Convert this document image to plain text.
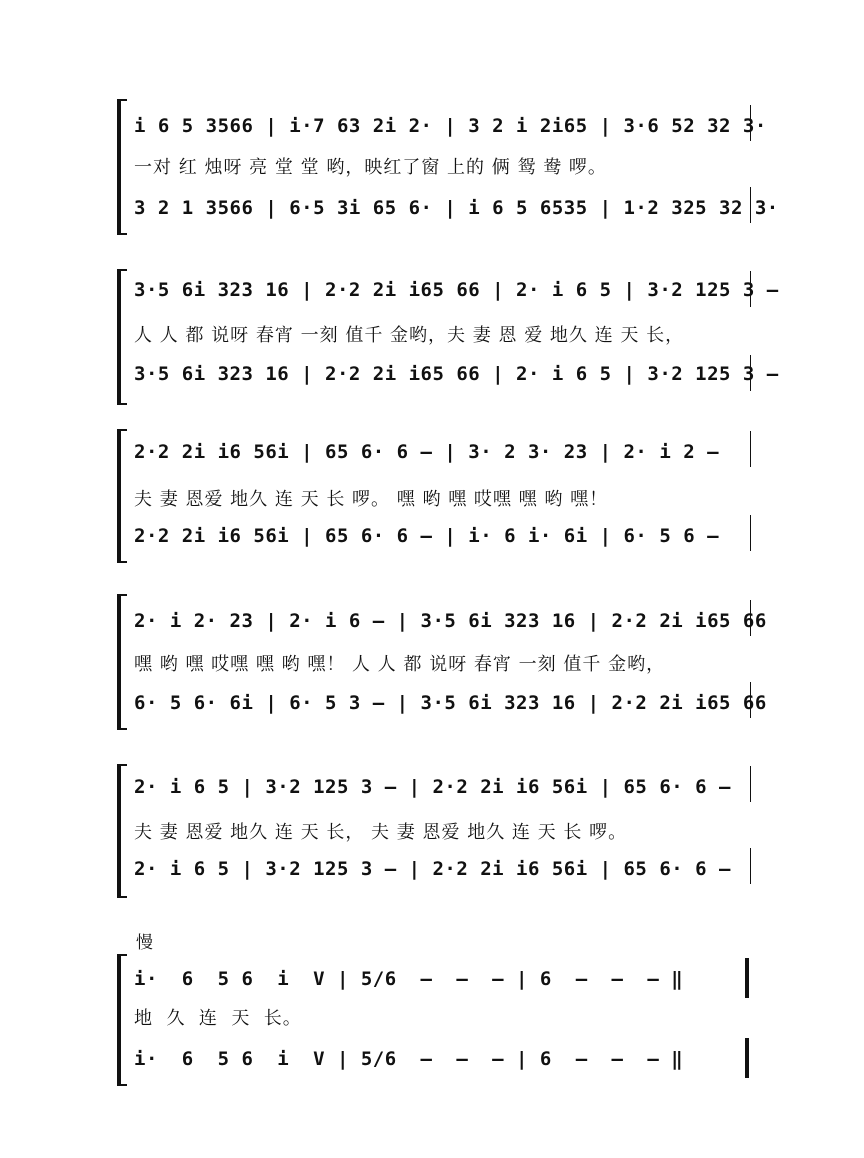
i 6 5 3566 | i·7 63 2i 2· | 3 2 i 2i65 | 3·6 52 32 3·
一对 红 烛呀 亮 堂 堂 哟，映红了窗 上的 俩 鸳 鸯 啰。
3 2 1 3566 | 6·5 3i 65 6· | i 6 5 6535 | 1·2 325 32 3·
3·5 6i 323 16 | 2·2 2i i65 66 | 2· i 6 5 | 3·2 125 3 –
人 人 都 说呀 春宵 一刻 值千 金哟，夫 妻 恩 爱 地久 连 天 长，
3·5 6i 323 16 | 2·2 2i i65 66 | 2· i 6 5 | 3·2 125 3 –
2·2 2i i6 56i | 65 6· 6 – | 3· 2 3· 23 | 2· i 2 –
夫 妻 恩爱 地久 连 天 长 啰。 嘿 哟 嘿 哎嘿 嘿 哟 嘿！
2·2 2i i6 56i | 65 6· 6 – | i· 6 i· 6i | 6· 5 6 –
2· i 2· 23 | 2· i 6 – | 3·5 6i 323 16 | 2·2 2i i65 66
嘿 哟 嘿 哎嘿 嘿 哟 嘿！ 人 人 都 说呀 春宵 一刻 值千 金哟，
6· 5 6· 6i | 6· 5 3 – | 3·5 6i 323 16 | 2·2 2i i65 66
2· i 6 5 | 3·2 125 3 – | 2·2 2i i6 56i | 65 6· 6 –
夫 妻 恩爱 地久 连 天 长， 夫 妻 恩爱 地久 连 天 长 啰。
2· i 6 5 | 3·2 125 3 – | 2·2 2i i6 56i | 65 6· 6 –
慢
i·  6  5 6  i  V | 5/6  –  –  – | 6  –  –  – ‖
地  久  连  天  长。
i·  6  5 6  i  V | 5/6  –  –  – | 6  –  –  – ‖
